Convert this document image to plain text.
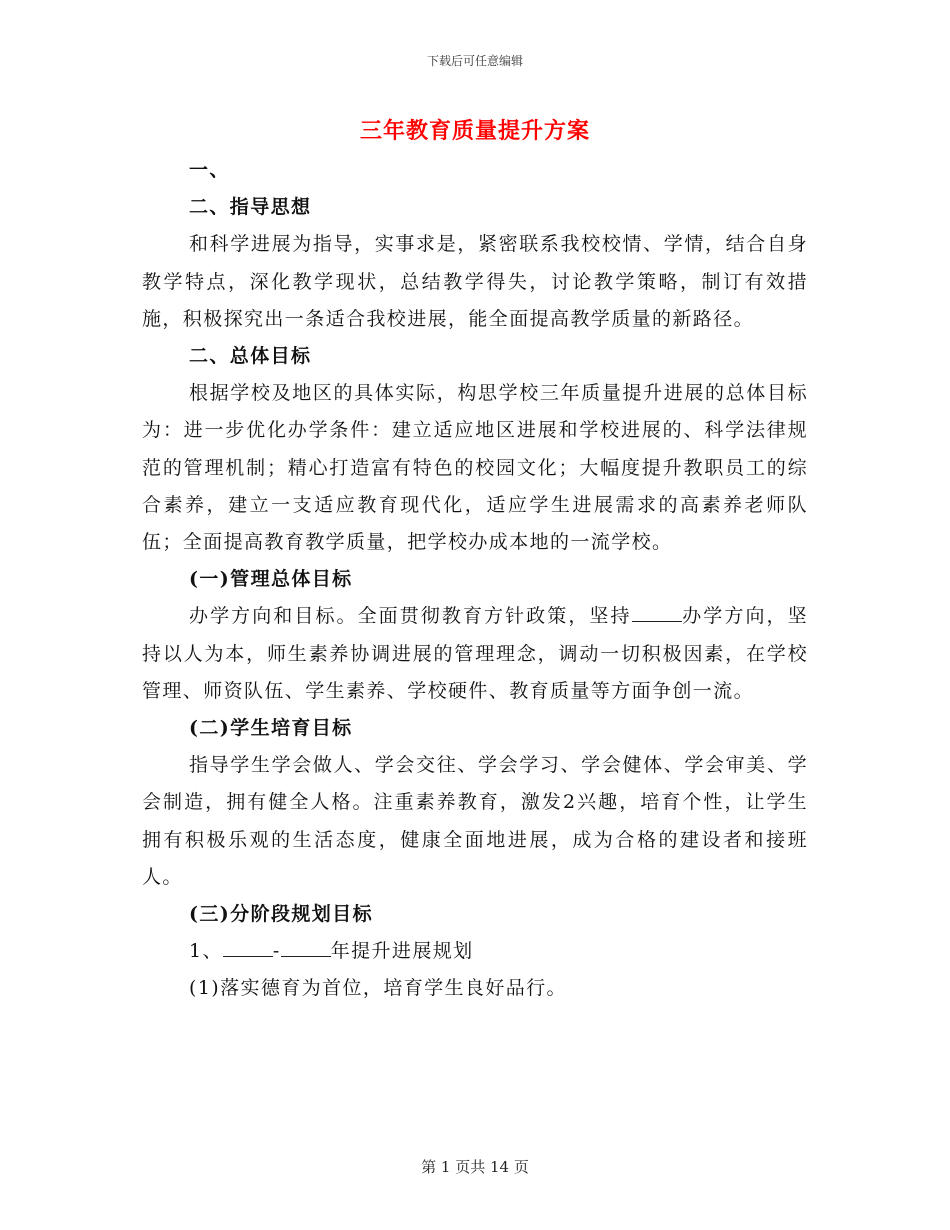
下载后可任意编辑
三年教育质量提升方案

一、

二、指导思想

和科学进展为指导，实事求是，紧密联系我校校情、学情，结合自身教学特点，深化教学现状，总结教学得失，讨论教学策略，制订有效措施，积极探究出一条适合我校进展，能全面提高教学质量的新路径。

二、总体目标

根据学校及地区的具体实际，构思学校三年质量提升进展的总体目标为：进一步优化办学条件：建立适应地区进展和学校进展的、科学法律规范的管理机制；精心打造富有特色的校园文化；大幅度提升教职员工的综合素养，建立一支适应教育现代化，适应学生进展需求的高素养老师队伍；全面提高教育教学质量，把学校办成本地的一流学校。

(一)管理总体目标

办学方向和目标。全面贯彻教育方针政策，坚持	办学方向，坚持以人为本，师生素养协调进展的管理理念，调动一切积极因素，在学校管理、师资队伍、学生素养、学校硬件、教育质量等方面争创一流。

(二)学生培育目标

指导学生学会做人、学会交往、学会学习、学会健体、学会审美、学会制造，拥有健全人格。注重素养教育，激发2兴趣，培育个性，让学生拥有积极乐观的生活态度，健康全面地进展，成为合格的建设者和接班人。

(三)分阶段规划目标

1、	-	年提升进展规划

(1)落实德育为首位，培育学生良好品行。

第 1 页共 14 页
